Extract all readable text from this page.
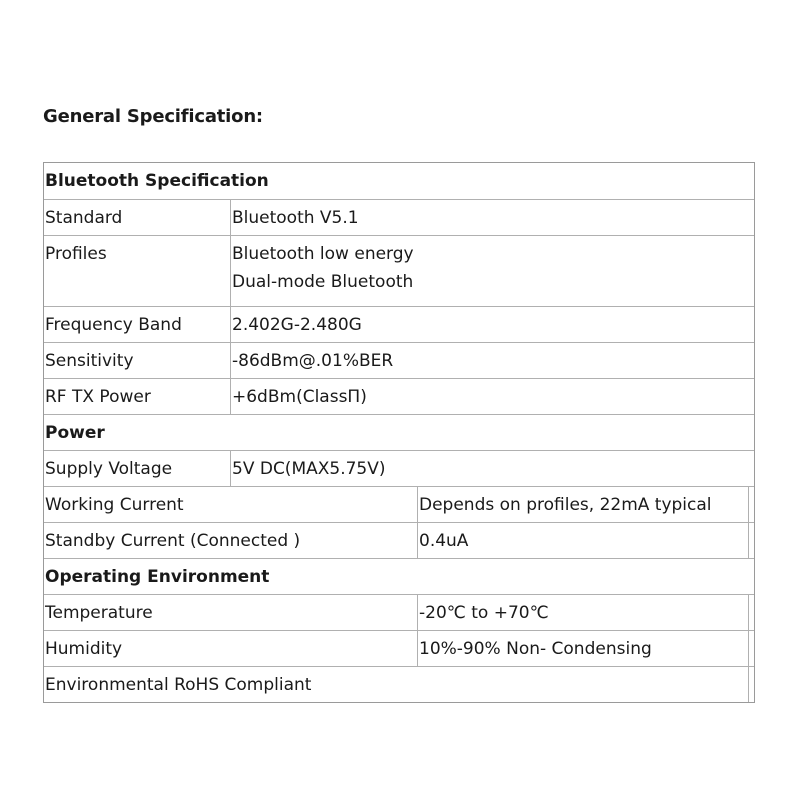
General Specification:
Bluetooth Specification
Standard	Bluetooth V5.1
Profiles	Bluetooth low energy
Dual-mode Bluetooth
Frequency Band	2.402G-2.480G
Sensitivity	-86dBm@.01%BER
RF TX Power	+6dBm(ClassΠ)
Power
Supply Voltage	5V DC(MAX5.75V)
Working Current	Depends on profiles, 22mA typical
Standby Current (Connected )	0.4uA
Operating Environment
Temperature	-20℃ to +70℃
Humidity	10%-90% Non- Condensing
Environmental RoHS Compliant
